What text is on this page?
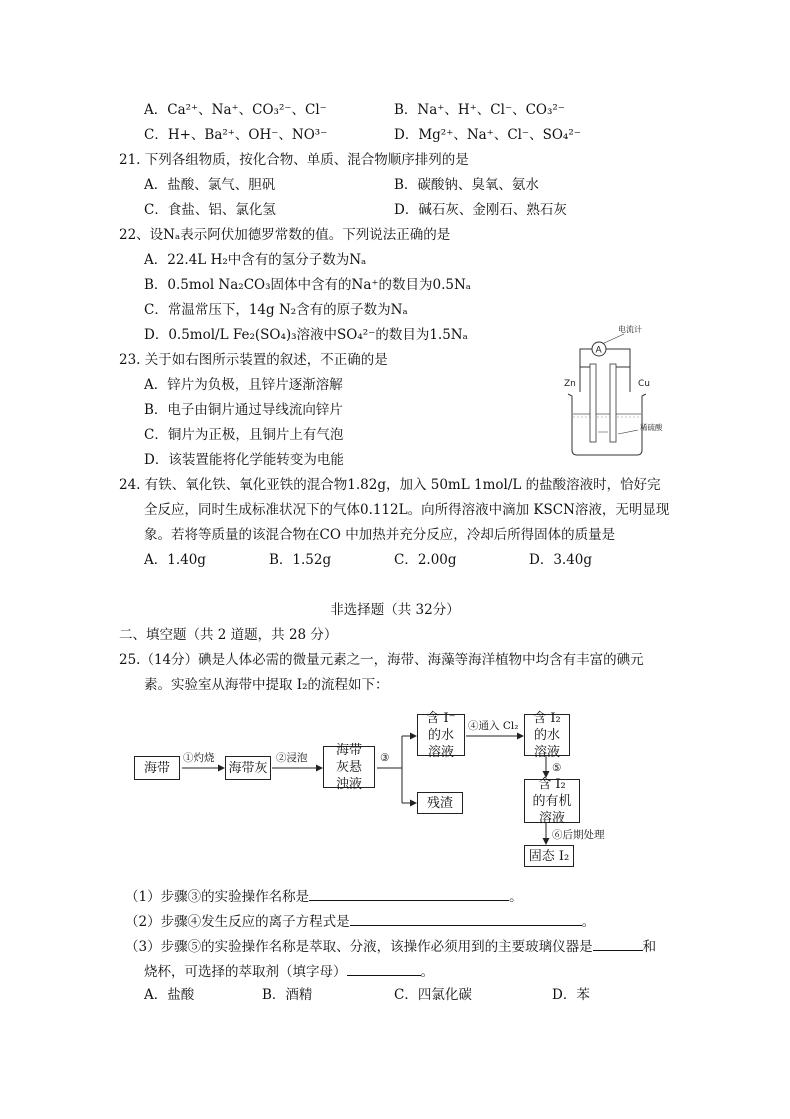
A．Ca²⁺、Na⁺、CO₃²⁻、Cl⁻	B．Na⁺、H⁺、Cl⁻、CO₃²⁻
C．H+、Ba²⁺、OH⁻、NO³⁻	D．Mg²⁺、Na⁺、Cl⁻、SO₄²⁻
21. 下列各组物质，按化合物、单质、混合物顺序排列的是
A．盐酸、氯气、胆矾	B．碳酸钠、臭氧、氨水
C．食盐、铝、氯化氢	D．碱石灰、金刚石、熟石灰
22、设Nₐ表示阿伏加德罗常数的值。下列说法正确的是
A．22.4L H₂中含有的氢分子数为Nₐ
B．0.5mol Na₂CO₃固体中含有的Na⁺的数目为0.5Nₐ
C．常温常压下，14g N₂含有的原子数为Nₐ
D．0.5mol/L Fe₂(SO₄)₃溶液中SO₄²⁻的数目为1.5Nₐ
23. 关于如右图所示装置的叙述，不正确的是
A．锌片为负极，且锌片逐渐溶解
B．电子由铜片通过导线流向锌片
C．铜片为正极，且铜片上有气泡
D．该装置能将化学能转变为电能
电流计
A
Zn	Cu
稀硫酸
24. 有铁、氧化铁、氧化亚铁的混合物1.82g，加入 50mL 1mol/L 的盐酸溶液时，恰好完
全反应，同时生成标准状况下的气体0.112L。向所得溶液中滴加 KSCN溶液，无明显现
象。若将等质量的该混合物在CO 中加热并充分反应，冷却后所得固体的质量是
A．1.40g	B．1.52g	C．2.00g	D．3.40g
非选择题（共 32分）
二、填空题（共 2 道题，共 28 分）
25.（14分）碘是人体必需的微量元素之一，海带、海藻等海洋植物中均含有丰富的碘元
素。实验室从海带中提取 I₂的流程如下：
海带
①灼烧
海带灰
②浸泡
海带灰悬浊液
③
含 I⁻的水溶液
④通入 Cl₂
含 I₂ 的水溶液
⑤
含 I₂ 的有机溶液
⑥后期处理
固态 I₂
残渣
（1）步骤③的实验操作名称是	。
（2）步骤④发生反应的离子方程式是	。
（3）步骤⑤的实验操作名称是萃取、分液，该操作必须用到的主要玻璃仪器是	和
烧杯，可选择的萃取剂（填字母）	。
A．盐酸	B．酒精	C．四氯化碳	D．苯
